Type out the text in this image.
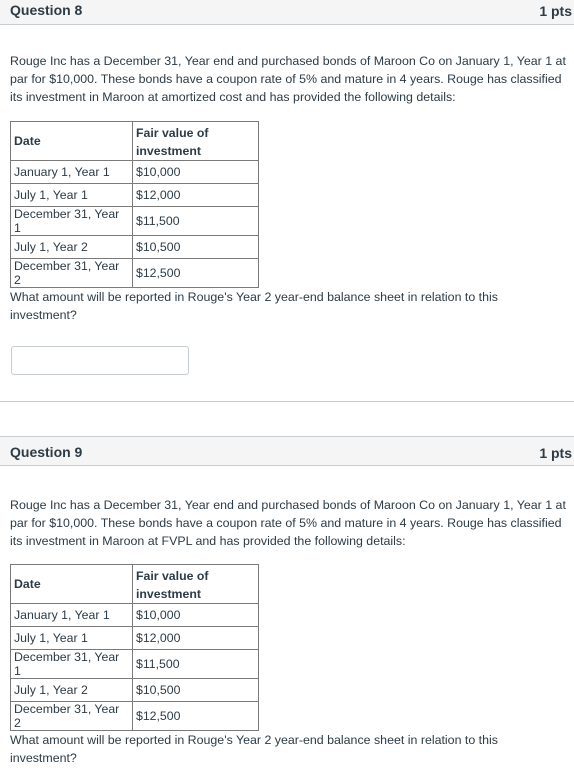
Question 8	1 pts
Rouge Inc has a December 31, Year end and purchased bonds of Maroon Co on January 1, Year 1 at par for $10,000. These bonds have a coupon rate of 5% and mature in 4 years. Rouge has classified its investment in Maroon at amortized cost and has provided the following details:
Date	Fair value of investment
January 1, Year 1	$10,000
July 1, Year 1	$12,000
December 31, Year 1	$11,500
July 1, Year 2	$10,500
December 31, Year 2	$12,500
What amount will be reported in Rouge's Year 2 year-end balance sheet in relation to this investment?
Question 9	1 pts
Rouge Inc has a December 31, Year end and purchased bonds of Maroon Co on January 1, Year 1 at par for $10,000. These bonds have a coupon rate of 5% and mature in 4 years. Rouge has classified its investment in Maroon at FVPL and has provided the following details:
Date	Fair value of investment
January 1, Year 1	$10,000
July 1, Year 1	$12,000
December 31, Year 1	$11,500
July 1, Year 2	$10,500
December 31, Year 2	$12,500
What amount will be reported in Rouge's Year 2 year-end balance sheet in relation to this investment?
